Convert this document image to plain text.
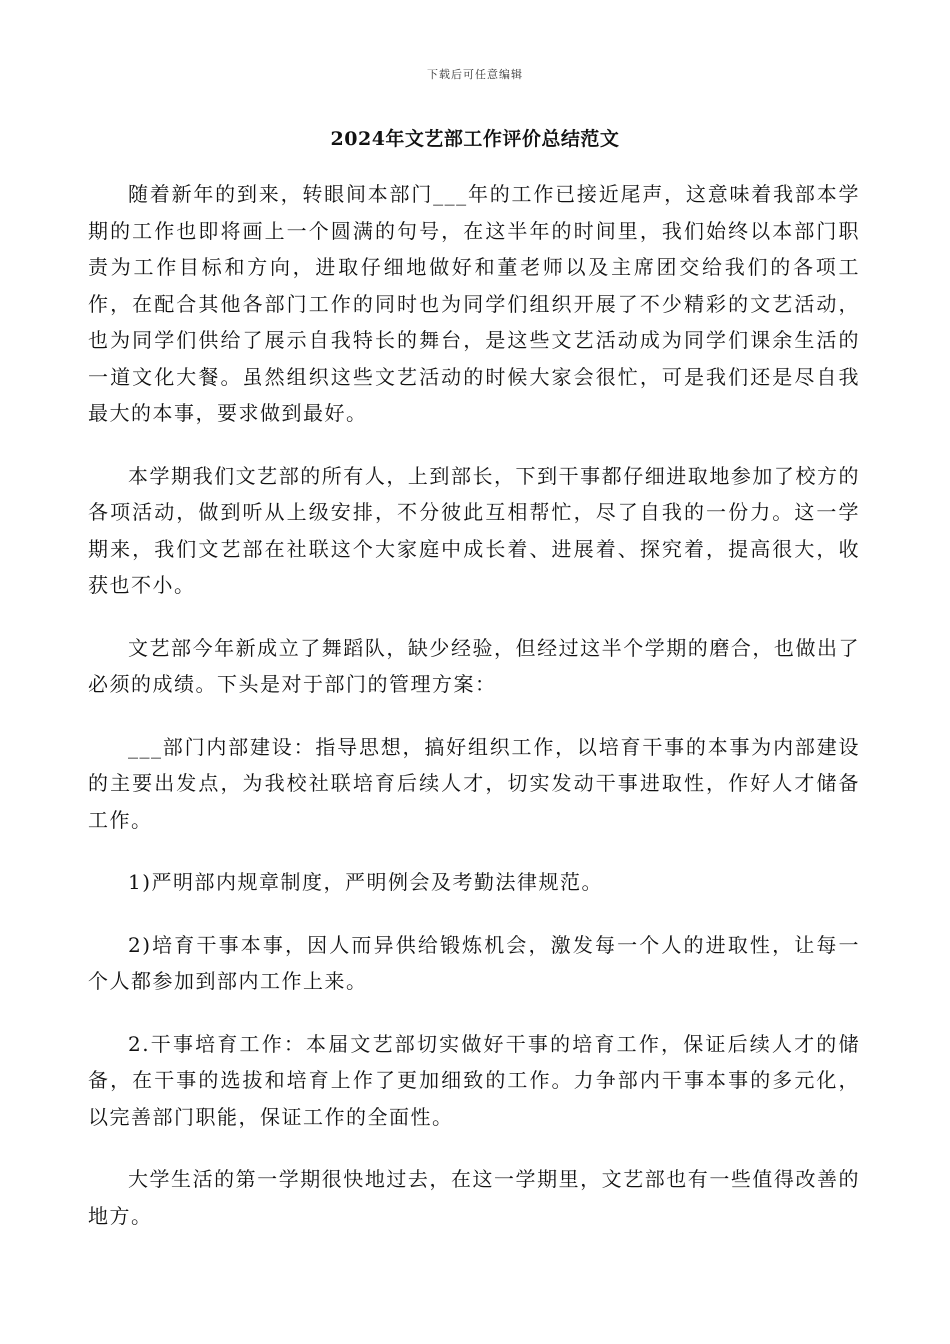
下载后可任意编辑
2024年文艺部工作评价总结范文

随着新年的到来，转眼间本部门___年的工作已接近尾声，这意味着我部本学期的工作也即将画上一个圆满的句号，在这半年的时间里，我们始终以本部门职责为工作目标和方向，进取仔细地做好和董老师以及主席团交给我们的各项工作，在配合其他各部门工作的同时也为同学们组织开展了不少精彩的文艺活动，也为同学们供给了展示自我特长的舞台，是这些文艺活动成为同学们课余生活的一道文化大餐。虽然组织这些文艺活动的时候大家会很忙，可是我们还是尽自我最大的本事，要求做到最好。

本学期我们文艺部的所有人，上到部长，下到干事都仔细进取地参加了校方的各项活动，做到听从上级安排，不分彼此互相帮忙，尽了自我的一份力。这一学期来，我们文艺部在社联这个大家庭中成长着、进展着、探究着，提高很大，收获也不小。

文艺部今年新成立了舞蹈队，缺少经验，但经过这半个学期的磨合，也做出了必须的成绩。下头是对于部门的管理方案：

___部门内部建设：指导思想，搞好组织工作，以培育干事的本事为内部建设的主要出发点，为我校社联培育后续人才，切实发动干事进取性，作好人才储备工作。

1)严明部内规章制度，严明例会及考勤法律规范。

2)培育干事本事，因人而异供给锻炼机会，激发每一个人的进取性，让每一个人都参加到部内工作上来。

2.干事培育工作：本届文艺部切实做好干事的培育工作，保证后续人才的储备，在干事的选拔和培育上作了更加细致的工作。力争部内干事本事的多元化，以完善部门职能，保证工作的全面性。

大学生活的第一学期很快地过去，在这一学期里，文艺部也有一些值得改善的地方。
